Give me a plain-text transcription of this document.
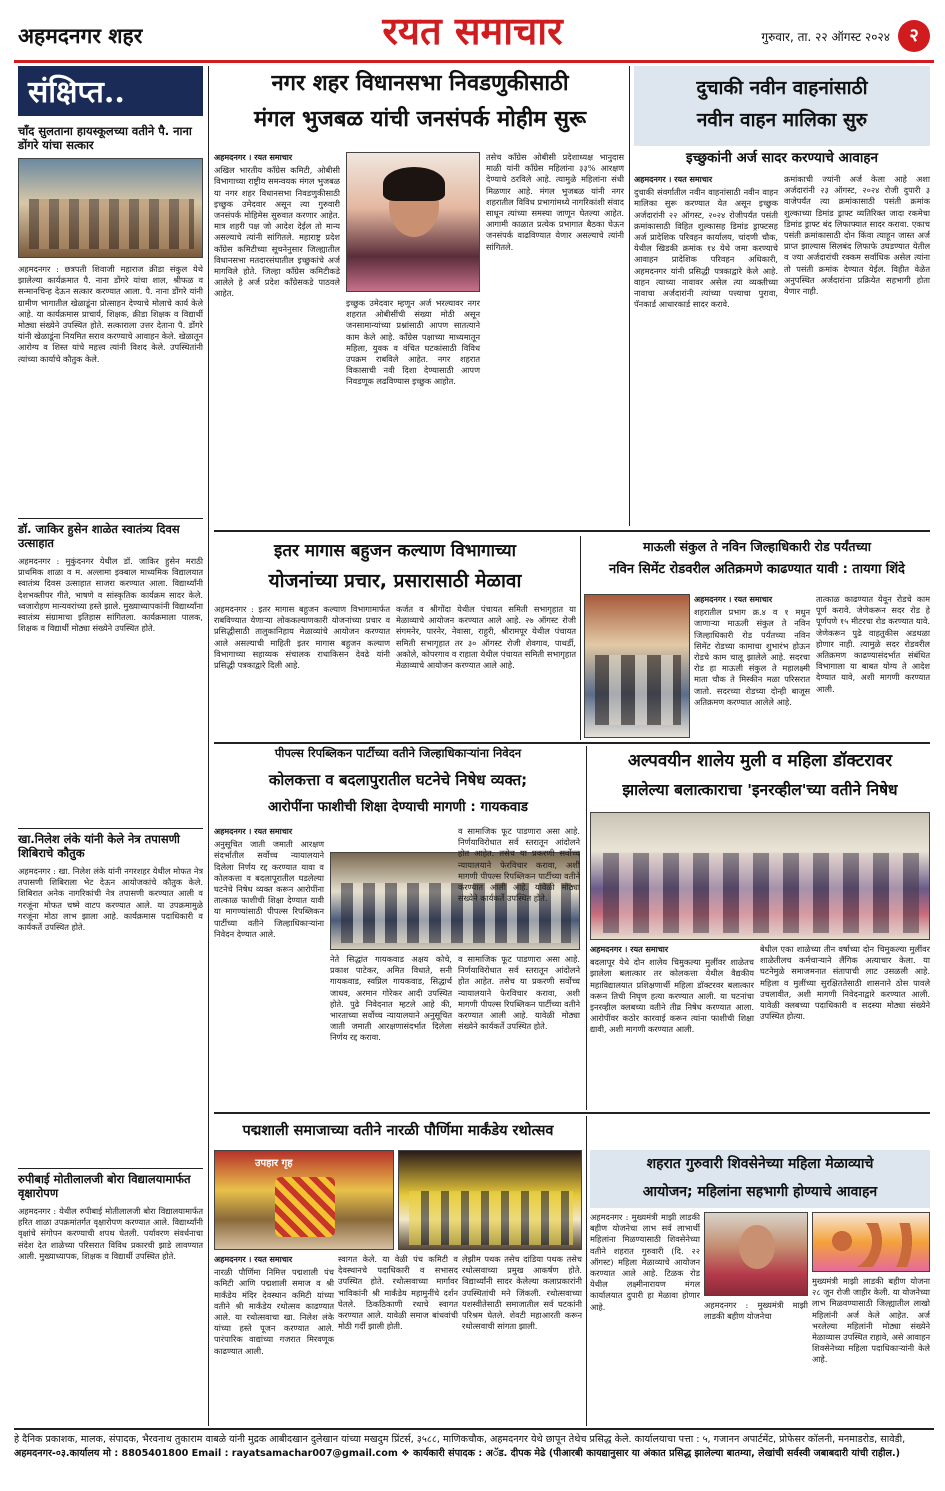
अहमदनगर शहर	रयत समाचार	गुरुवार, ता. २२ ऑगस्ट २०२४	२
संक्षिप्त..
चाँद सुलताना हायस्कूलच्या वतीने पै. नाना डोंगरे यांचा सत्कार
अहमदनगर : छत्रपती शिवाजी महाराज क्रीडा संकुल येथे झालेल्या कार्यक्रमात पै. नाना डोंगरे यांचा शाल, श्रीफळ व सन्मानचिन्ह देऊन सत्कार करण्यात आला. पै. नाना डोंगरे यांनी ग्रामीण भागातील खेळाडूंना प्रोत्साहन देण्याचे मोलाचे कार्य केले आहे. या कार्यक्रमास प्राचार्य, शिक्षक, क्रीडा शिक्षक व विद्यार्थी मोठ्या संख्येने उपस्थित होते. सत्काराला उत्तर देताना पै. डोंगरे यांनी खेळाडूंना नियमित सराव करण्याचे आवाहन केले. खेळातून आरोग्य व शिस्त यांचे महत्त्व त्यांनी विशद केले. उपस्थितांनी त्यांच्या कार्याचे कौतुक केले.
डॉ. जाकिर हुसेन शाळेत स्वातंत्र्य दिवस उत्साहात
अहमदनगर : मुकुंदनगर येथील डॉ. जाकिर हुसेन मराठी प्राथमिक शाळा व म. अल्लामा इक्बाल माध्यमिक विद्यालयात स्वातंत्र्य दिवस उत्साहात साजरा करण्यात आला. विद्यार्थ्यांनी देशभक्तीपर गीते, भाषणे व सांस्कृतिक कार्यक्रम सादर केले. ध्वजारोहण मान्यवरांच्या हस्ते झाले. मुख्याध्यापकांनी विद्यार्थ्यांना स्वातंत्र्य संग्रामाचा इतिहास सांगितला. कार्यक्रमाला पालक, शिक्षक व विद्यार्थी मोठ्या संख्येने उपस्थित होते.
खा.निलेश लंके यांनी केले नेत्र तपासणी शिबिराचे कौतुक
अहमदनगर : खा. निलेश लंके यांनी नगरशहर येथील मोफत नेत्र तपासणी शिबिराला भेट देऊन आयोजकांचे कौतुक केले. शिबिरात अनेक नागरिकांची नेत्र तपासणी करण्यात आली व गरजूंना मोफत चष्मे वाटप करण्यात आले. या उपक्रमामुळे गरजूंना मोठा लाभ झाला आहे. कार्यक्रमास पदाधिकारी व कार्यकर्ते उपस्थित होते.
रुपीबाई मोतीलालजी बोरा विद्यालयामार्फत वृक्षारोपण
अहमदनगर : येथील रुपीबाई मोतीलालजी बोरा विद्यालयामार्फत हरित शाळा उपक्रमांतर्गत वृक्षारोपण करण्यात आले. विद्यार्थ्यांनी वृक्षांचे संगोपन करण्याची शपथ घेतली. पर्यावरण संवर्धनाचा संदेश देत शाळेच्या परिसरात विविध प्रकारची झाडे लावण्यात आली. मुख्याध्यापक, शिक्षक व विद्यार्थी उपस्थित होते.
नगर शहर विधानसभा निवडणुकीसाठी
मंगल भुजबळ यांची जनसंपर्क मोहीम सुरू
अहमदनगर । रयत समाचार
अखिल भारतीय काँग्रेस कमिटी, ओबीसी विभागाच्या राष्ट्रीय समन्वयक मंगल भुजबळ या नगर शहर विधानसभा निवडणुकीसाठी इच्छुक उमेदवार असून त्या गुरुवारी जनसंपर्क मोहिमेस सुरुवात करणार आहेत. मात्र शहरी पक्ष जो आदेश देईल तो मान्य असल्याचे त्यांनी सांगितले. महाराष्ट्र प्रदेश काँग्रेस कमिटीच्या सूचनेनुसार जिल्ह्यातील विधानसभा मतदारसंघातील इच्छुकांचे अर्ज मागविले होते. जिल्हा काँग्रेस कमिटीकडे आलेले हे अर्ज प्रदेश काँग्रेसकडे पाठवले आहेत.
इच्छुक उमेदवार म्हणून अर्ज भरल्यावर नगर शहरात ओबीसींची संख्या मोठी असून जनसामान्यांच्या प्रश्नांसाठी आपण सातत्याने काम केले आहे. काँग्रेस पक्षाच्या माध्यमातून महिला, युवक व वंचित घटकांसाठी विविध उपक्रम राबविले आहेत. नगर शहरात विकासाची नवी दिशा देण्यासाठी आपण निवडणूक लढविण्यास इच्छुक आहोत.
तसेच काँग्रेस ओबीसी प्रदेशाध्यक्ष भानुदास माळी यांनी काँग्रेस महिलांना ३३% आरक्षण देण्याचे ठरविले आहे. त्यामुळे महिलांना संधी मिळणार आहे. मंगल भुजबळ यांनी नगर शहरातील विविध प्रभागांमध्ये नागरिकांशी संवाद साधून त्यांच्या समस्या जाणून घेतल्या आहेत. आगामी काळात प्रत्येक प्रभागात बैठका घेऊन जनसंपर्क वाढविण्यात येणार असल्याचे त्यांनी सांगितले.
दुचाकी नवीन वाहनांसाठी
नवीन वाहन मालिका सुरु
इच्छुकांनी अर्ज सादर करण्याचे आवाहन
अहमदनगर । रयत समाचार
दुचाकी संवर्गातील नवीन वाहनांसाठी नवीन वाहन मालिका सुरू करण्यात येत असून इच्छुक अर्जदारांनी २२ ऑगस्ट, २०२४ रोजीपर्यंत पसंती क्रमांकासाठी विहित शुल्कासह डिमांड ड्राफ्टसह अर्ज प्रादेशिक परिवहन कार्यालय, चांदणी चौक, येथील खिडकी क्रमांक १४ येथे जमा करण्याचे आवाहन प्रादेशिक परिवहन अधिकारी, अहमदनगर यांनी प्रसिद्धी पत्रकाद्वारे केले आहे. वाहन त्याच्या नावावर असेल त्या व्यक्तीच्या नावाचा अर्जदारांनी त्यांच्या पत्त्याचा पुरावा, पॅनकार्ड आधारकार्ड सादर करावे.
क्रमांकाची ज्यांनी अर्ज केला आहे अशा अर्जदारांनी २३ ऑगस्ट, २०२४ रोजी दुपारी ३ वाजेपर्यंत त्या क्रमांकासाठी पसंती क्रमांक शुल्काच्या डिमांड ड्राफ्ट व्यतिरिक्त जादा रकमेचा डिमांड ड्राफ्ट बंद लिफाफ्यात सादर करावा. एकाच पसंती क्रमांकासाठी दोन किंवा त्याहून जास्त अर्ज प्राप्त झाल्यास सिलबंद लिफाफे उघडण्यात येतील व ज्या अर्जदारांची रक्कम सर्वाधिक असेल त्यांना तो पसंती क्रमांक देण्यात येईल. विहीत वेळेत अनुपस्थित अर्जदारांना प्रक्रियेत सहभागी होता येणार नाही.
इतर मागास बहुजन कल्याण विभागाच्या
योजनांच्या प्रचार, प्रसारासाठी मेळावा
अहमदनगर : इतर मागास बहुजन कल्याण विभागामार्फत राबविण्यात येणाऱ्या लोककल्याणकारी योजनांच्या प्रचार व प्रसिद्धीसाठी तालुकानिहाय मेळाव्यांचे आयोजन करण्यात आले असल्याची माहिती इतर मागास बहुजन कल्याण विभागाच्या सहाय्यक संचालक राधाकिसन देवढे यांनी प्रसिद्धी पत्रकाद्वारे दिली आहे.
कर्जत व श्रीगोंदा येथील पंचायत समिती सभागृहात या मेळाव्याचे आयोजन करण्यात आले आहे. २७ ऑगस्ट रोजी संगमनेर, पारनेर, नेवासा, राहुरी, श्रीरामपूर येथील पंचायत समिती सभागृहात तर ३० ऑगस्ट रोजी शेवगाव, पाथर्डी, अकोले, कोपरगाव व राहाता येथील पंचायत समिती सभागृहात मेळाव्याचे आयोजन करण्यात आले आहे.
माऊली संकुल ते नविन जिल्हाधिकारी रोड पर्यंतच्या
नविन सिमेंट रोडवरील अतिक्रमणे काढण्यात यावी : तायगा शिंदे
अहमदनगर । रयत समाचार
शहरातील प्रभाग क्र.४ व १ मधुन जाणाऱ्या माऊली संकुल ते नविन जिल्हाधिकारी रोड पर्यंतच्या नविन सिमेंट रोडच्या कामाचा शुभारंभ होऊन रोडचे काम चालू झालेले आहे. सदरचा रोड हा माऊली संकुल ते महालक्ष्मी माता चौक ते मिस्कीन मळा परिसरात जातो. सदरच्या रोडच्या दोन्ही बाजूस अतिक्रमण करण्यात आलेले आहे.
तात्काळ काढण्यात येवून रोडचे काम पूर्ण करावे. जेणेकरून सदर रोड हे पूर्णपणे १५ मीटरचा रोड करण्यात यावे. जेणेकरून पुढे वाहतुकीस अडथळा होणार नाही. त्यामुळे सदर रोडवरील अतिक्रमण काढण्यासंदर्भात संबंधित विभागाला या बाबत योग्य ते आदेश देण्यात यावे, अशी मागणी करण्यात आली.
पीपल्स रिपब्लिकन पार्टीच्या वतीने जिल्हाधिकाऱ्यांना निवेदन
कोलकत्ता व बदलापुरातील घटनेचे निषेध व्यक्त;
आरोपींना फाशीची शिक्षा देण्याची मागणी : गायकवाड
अहमदनगर । रयत समाचार
अनुसूचित जाती जमाती आरक्षण संदर्भातील सर्वोच्च न्यायालयाने दिलेला निर्णय रद्द करण्यात यावा व कोलकत्ता व बदलापूरातील घडलेल्या घटनेचे निषेध व्यक्त करून आरोपींना तात्काळ फाशीची शिक्षा देण्यात यावी या मागण्यांसाठी पीपल्स रिपब्लिकन पार्टीच्या वतीने जिल्हाधिकाऱ्यांना निवेदन देण्यात आले.
नेते सिद्धांत गायकवाड अक्षय कोचे, प्रकाश पाटेकर, अमित विधाते, सनी गायकवाड, स्वप्निल गायकवाड, सिद्धार्थ जाधव, अरमान गोरेकर आदी उपस्थित होते. पुढे निवेदनात म्हटले आहे की, भारताच्या सर्वोच्च न्यायालयाने अनुसूचित जाती जमाती आरक्षणासंदर्भात दिलेला निर्णय रद्द करावा.
व सामाजिक फूट पाडणारा असा आहे. निर्णयाविरोधात सर्व स्तरातून आंदोलने होत आहेत. तसेच या प्रकरणी सर्वोच्च न्यायालयाने फेरविचार करावा, अशी मागणी पीपल्स रिपब्लिकन पार्टीच्या वतीने करण्यात आली आहे. यावेळी मोठ्या संख्येने कार्यकर्ते उपस्थित होते.
व सामाजिक फूट पाडणारा असा आहे. निर्णयाविरोधात सर्व स्तरातून आंदोलने होत आहेत. तसेच या प्रकरणी सर्वोच्च न्यायालयाने फेरविचार करावा, अशी मागणी पीपल्स रिपब्लिकन पार्टीच्या वतीने करण्यात आली आहे. यावेळी मोठ्या संख्येने कार्यकर्ते उपस्थित होते.
अल्पवयीन शालेय मुली व महिला डॉक्टरावर
झालेल्या बलात्काराचा 'इनरव्हील'च्या वतीने निषेध
अहमदनगर । रयत समाचार
बदलापूर येथे दोन शालेय चिमुकल्या मुलींवर शाळेतच झालेला बलात्कार तर कोलकत्ता येथील वैद्यकीय महाविद्यालयात प्रशिक्षणार्थी महिला डॉक्टरवर बलात्कार करून तिची निघृण हत्या करण्यात आली. या घटनांचा इनरव्हील क्लबच्या वतीने तीव्र निषेध करण्यात आला. आरोपींवर कठोर कारवाई करून त्यांना फाशीची शिक्षा द्यावी, अशी मागणी करण्यात आली.
बेधील एका शाळेच्या तीन वर्षाच्या दोन चिमुकल्या मुलींवर शाळेतीलच कर्मचाऱ्याने लैंगिक अत्याचार केला. या घटनेमुळे समाजमनात संतापाची लाट उसळली आहे. महिला व मुलींच्या सुरक्षिततेसाठी शासनाने ठोस पावले उचलावीत, अशी मागणी निवेदनाद्वारे करण्यात आली. यावेळी क्लबच्या पदाधिकारी व सदस्या मोठ्या संख्येने उपस्थित होत्या.
पद्मशाली समाजाच्या वतीने नारळी पौर्णिमा मार्कंडेय रथोत्सव
उपहार गृह
अहमदनगर । रयत समाचार
नारळी पौर्णिमा निमित्त पद्मशाली पंच कमिटी आणि पद्मशाली समाज व श्री मार्कंडेय मंदिर देवस्थान कमिटी यांच्या वतीने श्री मार्कंडेय रथोत्सव काढण्यात आले. या रथोत्सवाचा खा. निलेश लंके यांच्या हस्ते पूजन करण्यात आले. पारंपारिक वाद्यांच्या गजरात मिरवणूक काढण्यात आली.
स्वागत केले. या वेळी पंच कमिटी व देवस्थानचे पदाधिकारी व सभासद उपस्थित होते. रथोत्सवाच्या मार्गावर भाविकांनी श्री मार्कंडेय महामुनींचे दर्शन घेतले. ठिकठिकाणी रथाचे स्वागत करण्यात आले. यावेळी समाज बांधवांची मोठी गर्दी झाली होती.
लेझीम पथक तसेच दांडिया पथक तसेच रथोत्सवाच्या प्रमुख आकर्षण होते. विद्यार्थ्यांनी सादर केलेल्या कलाप्रकारांनी उपस्थितांची मने जिंकली. रथोत्सवाच्या यशस्वीतेसाठी समाजातील सर्व घटकांनी परिश्रम घेतले. शेवटी महाआरती करून रथोत्सवाची सांगता झाली.
शहरात गुरुवारी शिवसेनेच्या महिला मेळाव्याचे
आयोजन; महिलांना सहभागी होण्याचे आवाहन
अहमदनगर : मुख्यमंत्री माझी लाडकी बहीण योजनेचा लाभ सर्व लाभार्थी महिलांना मिळण्यासाठी शिवसेनेच्या वतीने शहरात गुरुवारी (दि. २२ ऑगस्ट) महिला मेळाव्याचे आयोजन करण्यात आले आहे. टिळक रोड येथील लक्ष्मीनारायण मंगल कार्यालयात दुपारी हा मेळावा होणार आहे.
मुख्यमंत्री माझी लाडकी बहीण योजना २८ जून रोजी जाहीर केली. या योजनेच्या लाभ मिळवण्यासाठी जिल्ह्यातील लाखो महिलांनी अर्ज केले आहेत. अर्ज भरलेल्या महिलांनी मोठ्या संख्येने मेळाव्यास उपस्थित राहावे, असे आवाहन शिवसेनेच्या महिला पदाधिकाऱ्यांनी केले आहे.
अहमदनगर : मुख्यमंत्री माझी लाडकी बहीण योजनेचा
हे दैनिक प्रकाशक, मालक, संपादक, भैरवनाथ तुकाराम वाबळे यांनी मुद्रक आबीदखान दुलेखान यांच्या मखदुम प्रिंटर्स, ३५८८, माणिकचौक, अहमदनगर येथे छापून तेथेच प्रसिद्ध केले. कार्यालयाचा पत्ता : ५, गजानन अपार्टमेंट, प्रोफेसर कॉलनी, मनमाडरोड, सावेडी,
अहमदनगर-०३.कार्यालय मो : 8805401800 Email : rayatsamachar007@gmail.com ❖ कार्यकारी संपादक : अॅड. दीपक मेढे (पीआरबी कायद्यानुसार या अंकात प्रसिद्ध झालेल्या बातम्या, लेखांची सर्वस्वी जबाबदारी यांची राहील.)
